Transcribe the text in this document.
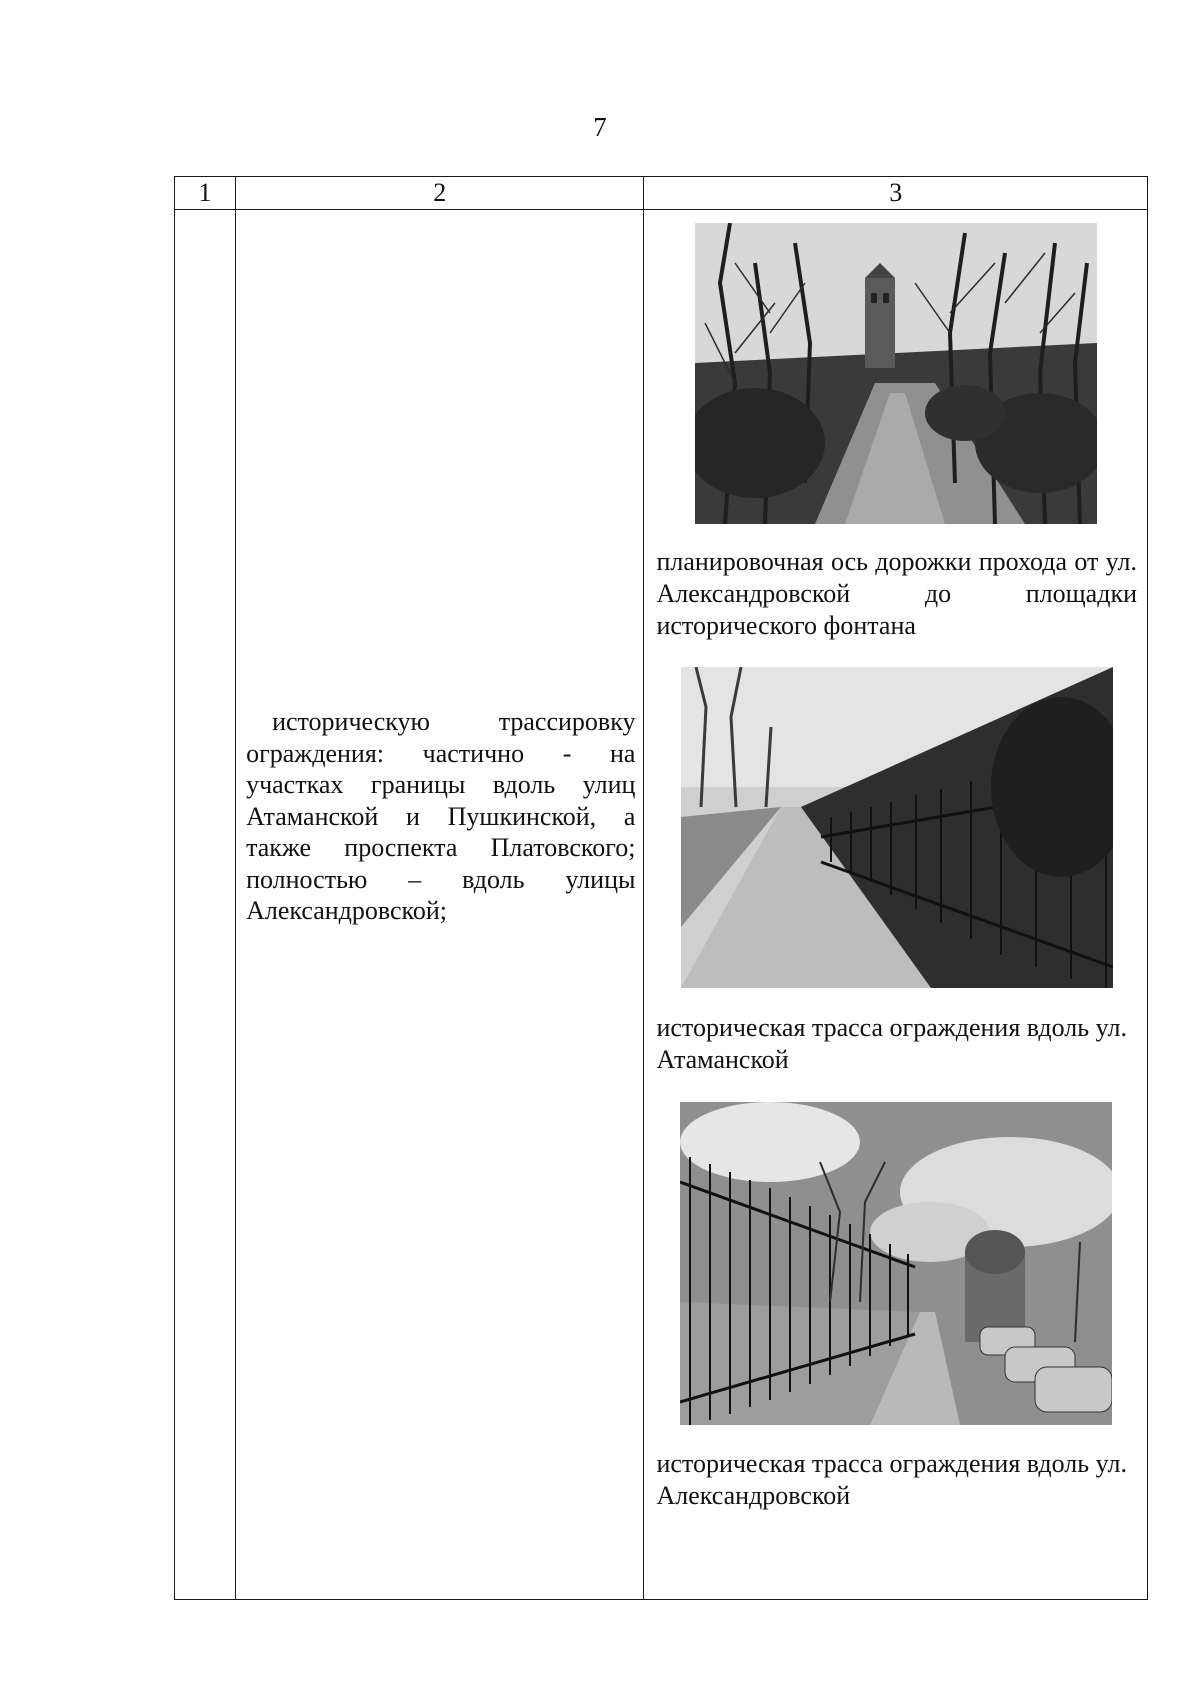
7
1	2	3

	историческую трассировку ограждения: частично - на участках границы вдоль улиц Атаманской и Пушкинской, а также проспекта Платовского; полностью – вдоль улицы Александровской;	планировочная ось дорожки прохода от ул. Александровской до площадки исторического фонтана

историческая трасса ограждения вдоль ул. Атаманской

историческая трасса ограждения вдоль ул. Александровской
